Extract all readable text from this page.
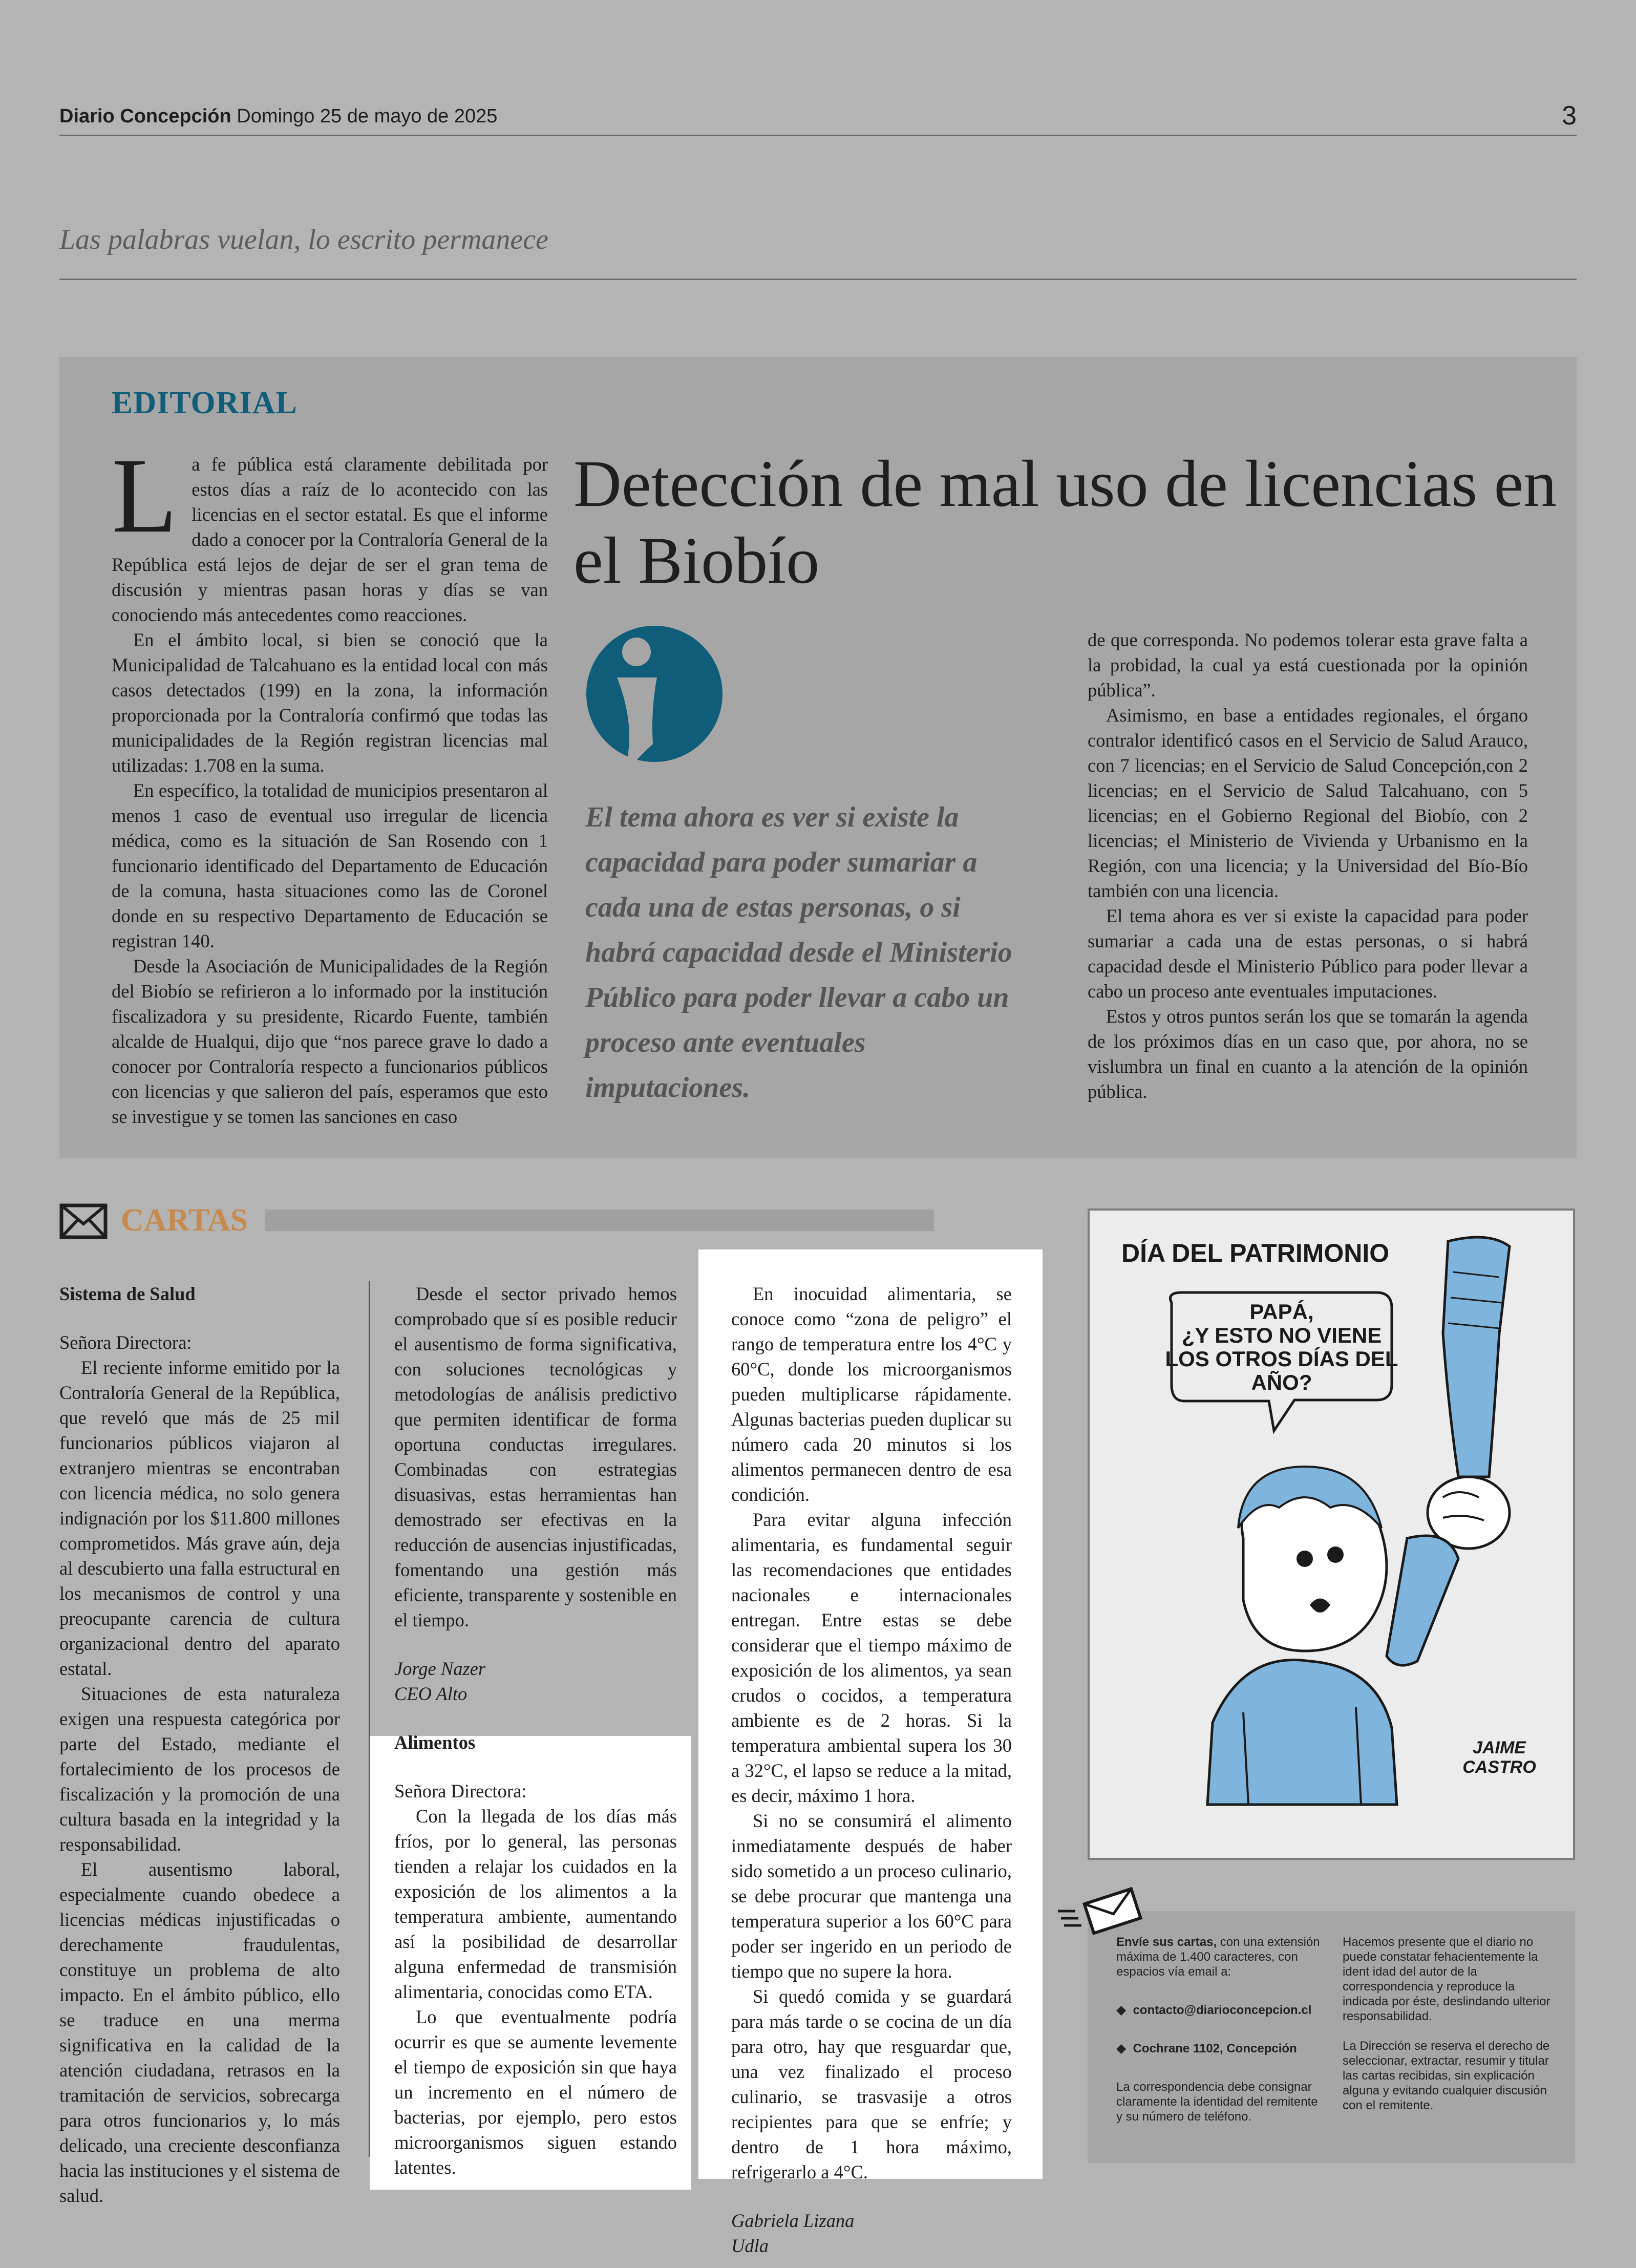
Diario Concepción Domingo 25 de mayo de 2025	3
Las palabras vuelan, lo escrito permanece
EDITORIAL

La fe pública está claramente debilitada por estos días a raíz de lo acontecido con las licencias en el sector estatal. Es que el informe dado a conocer por la Contraloría General de la República está lejos de dejar de ser el gran tema de discusión y mientras pasan horas y días se van conociendo más antecedentes como reacciones.

En el ámbito local, si bien se conoció que la Municipalidad de Talcahuano es la entidad local con más casos detectados (199) en la zona, la información proporcionada por la Contraloría confirmó que todas las municipalidades de la Región registran licencias mal utilizadas: 1.708 en la suma.

En específico, la totalidad de municipios presentaron al menos 1 caso de eventual uso irregular de licencia médica, como es la situación de San Rosendo con 1 funcionario identificado del Departamento de Educación de la comuna, hasta situaciones como las de Coronel donde en su respectivo Departamento de Educación se registran 140.

Desde la Asociación de Municipalidades de la Región del Biobío se refirieron a lo informado por la institución fiscalizadora y su presidente, Ricardo Fuente, también alcalde de Hualqui, dijo que “nos parece grave lo dado a conocer por Contraloría respecto a funcionarios públicos con licencias y que salieron del país, esperamos que esto se investigue y se tomen las sanciones en caso

Detección de mal uso de licencias en el Biobío
El tema ahora es ver si existe la capacidad para poder sumariar a cada una de estas personas, o si habrá capacidad desde el Ministerio Público para poder llevar a cabo un proceso ante eventuales imputaciones.

de que corresponda. No podemos tolerar esta grave falta a la probidad, la cual ya está cuestionada por la opinión pública”.

Asimismo, en base a entidades regionales, el órgano contralor identificó casos en el Servicio de Salud Arauco, con 7 licencias; en el Servicio de Salud Concepción,con 2 licencias; en el Servicio de Salud Talcahuano, con 5 licencias; en el Gobierno Regional del Biobío, con 2 licencias; el Ministerio de Vivienda y Urbanismo en la Región, con una licencia; y la Universidad del Bío-Bío también con una licencia.

El tema ahora es ver si existe la capacidad para poder sumariar a cada una de estas personas, o si habrá capacidad desde el Ministerio Público para poder llevar a cabo un proceso ante eventuales imputaciones.

Estos y otros puntos serán los que se tomarán la agenda de los próximos días en un caso que, por ahora, no se vislumbra un final en cuanto a la atención de la opinión pública.

CARTAS

Sistema de Salud

Señora Directora:

El reciente informe emitido por la Contraloría General de la República, que reveló que más de 25 mil funcionarios públicos viajaron al extranjero mientras se encontraban con licencia médica, no solo genera indignación por los $11.800 millones comprometidos. Más grave aún, deja al descubierto una falla estructural en los mecanismos de control y una preocupante carencia de cultura organizacional dentro del aparato estatal.

Situaciones de esta naturaleza exigen una respuesta categórica por parte del Estado, mediante el fortalecimiento de los procesos de fiscalización y la promoción de una cultura basada en la integridad y la responsabilidad.

El ausentismo laboral, especialmente cuando obedece a licencias médicas injustificadas o derechamente fraudulentas, constituye un problema de alto impacto. En el ámbito público, ello se traduce en una merma significativa en la calidad de la atención ciudadana, retrasos en la tramitación de servicios, sobrecarga para otros funcionarios y, lo más delicado, una creciente desconfianza hacia las instituciones y el sistema de salud.

Desde el sector privado hemos comprobado que sí es posible reducir el ausentismo de forma significativa, con soluciones tecnológicas y metodologías de análisis predictivo que permiten identificar de forma oportuna conductas irregulares. Combinadas con estrategias disuasivas, estas herramientas han demostrado ser efectivas en la reducción de ausencias injustificadas, fomentando una gestión más eficiente, transparente y sostenible en el tiempo.

Jorge Nazer

CEO Alto

Alimentos

Señora Directora:

Con la llegada de los días más fríos, por lo general, las personas tienden a relajar los cuidados en la exposición de los alimentos a la temperatura ambiente, aumentando así la posibilidad de desarrollar alguna enfermedad de transmisión alimentaria, conocidas como ETA.

Lo que eventualmente podría ocurrir es que se aumente levemente el tiempo de exposición sin que haya un incremento en el número de bacterias, por ejemplo, pero estos microorganismos siguen estando latentes.

En inocuidad alimentaria, se conoce como “zona de peligro” el rango de temperatura entre los 4°C y 60°C, donde los microorganismos pueden multiplicarse rápidamente. Algunas bacterias pueden duplicar su número cada 20 minutos si los alimentos permanecen dentro de esa condición.

Para evitar alguna infección alimentaria, es fundamental seguir las recomendaciones que entidades nacionales e internacionales entregan. Entre estas se debe considerar que el tiempo máximo de exposición de los alimentos, ya sean crudos o cocidos, a temperatura ambiente es de 2 horas. Si la temperatura ambiental supera los 30 a 32°C, el lapso se reduce a la mitad, es decir, máximo 1 hora.

Si no se consumirá el alimento inmediatamente después de haber sido sometido a un proceso culinario, se debe procurar que mantenga una temperatura superior a los 60°C para poder ser ingerido en un periodo de tiempo que no supere la hora.

Si quedó comida y se guardará para más tarde o se cocina de un día para otro, hay que resguardar que, una vez finalizado el proceso culinario, se trasvasije a otros recipientes para que se enfríe; y dentro de 1 hora máximo, refrigerarlo a 4°C.

Gabriela Lizana

Udla

DÍA DEL PATRIMONIO
PAPÁ,
¿Y ESTO NO VIENE
LOS OTROS DÍAS DEL
AÑO?
JAIME
CASTRO

Envíe sus cartas, con una extensión máxima de 1.400 caracteres, con espacios vía email a:

◆ contacto@diarioconcepcion.cl

◆ Cochrane 1102, Concepción

La correspondencia debe consignar claramente la identidad del remitente y su número de teléfono.

Hacemos presente que el diario no puede constatar fehacientemente la ident idad del autor de la correspondencia y reproduce la indicada por éste, deslindando ulterior responsabilidad.

La Dirección se reserva el derecho de seleccionar, extractar, resumir y titular las cartas recibidas, sin explicación alguna y evitando cualquier discusión con el remitente.
